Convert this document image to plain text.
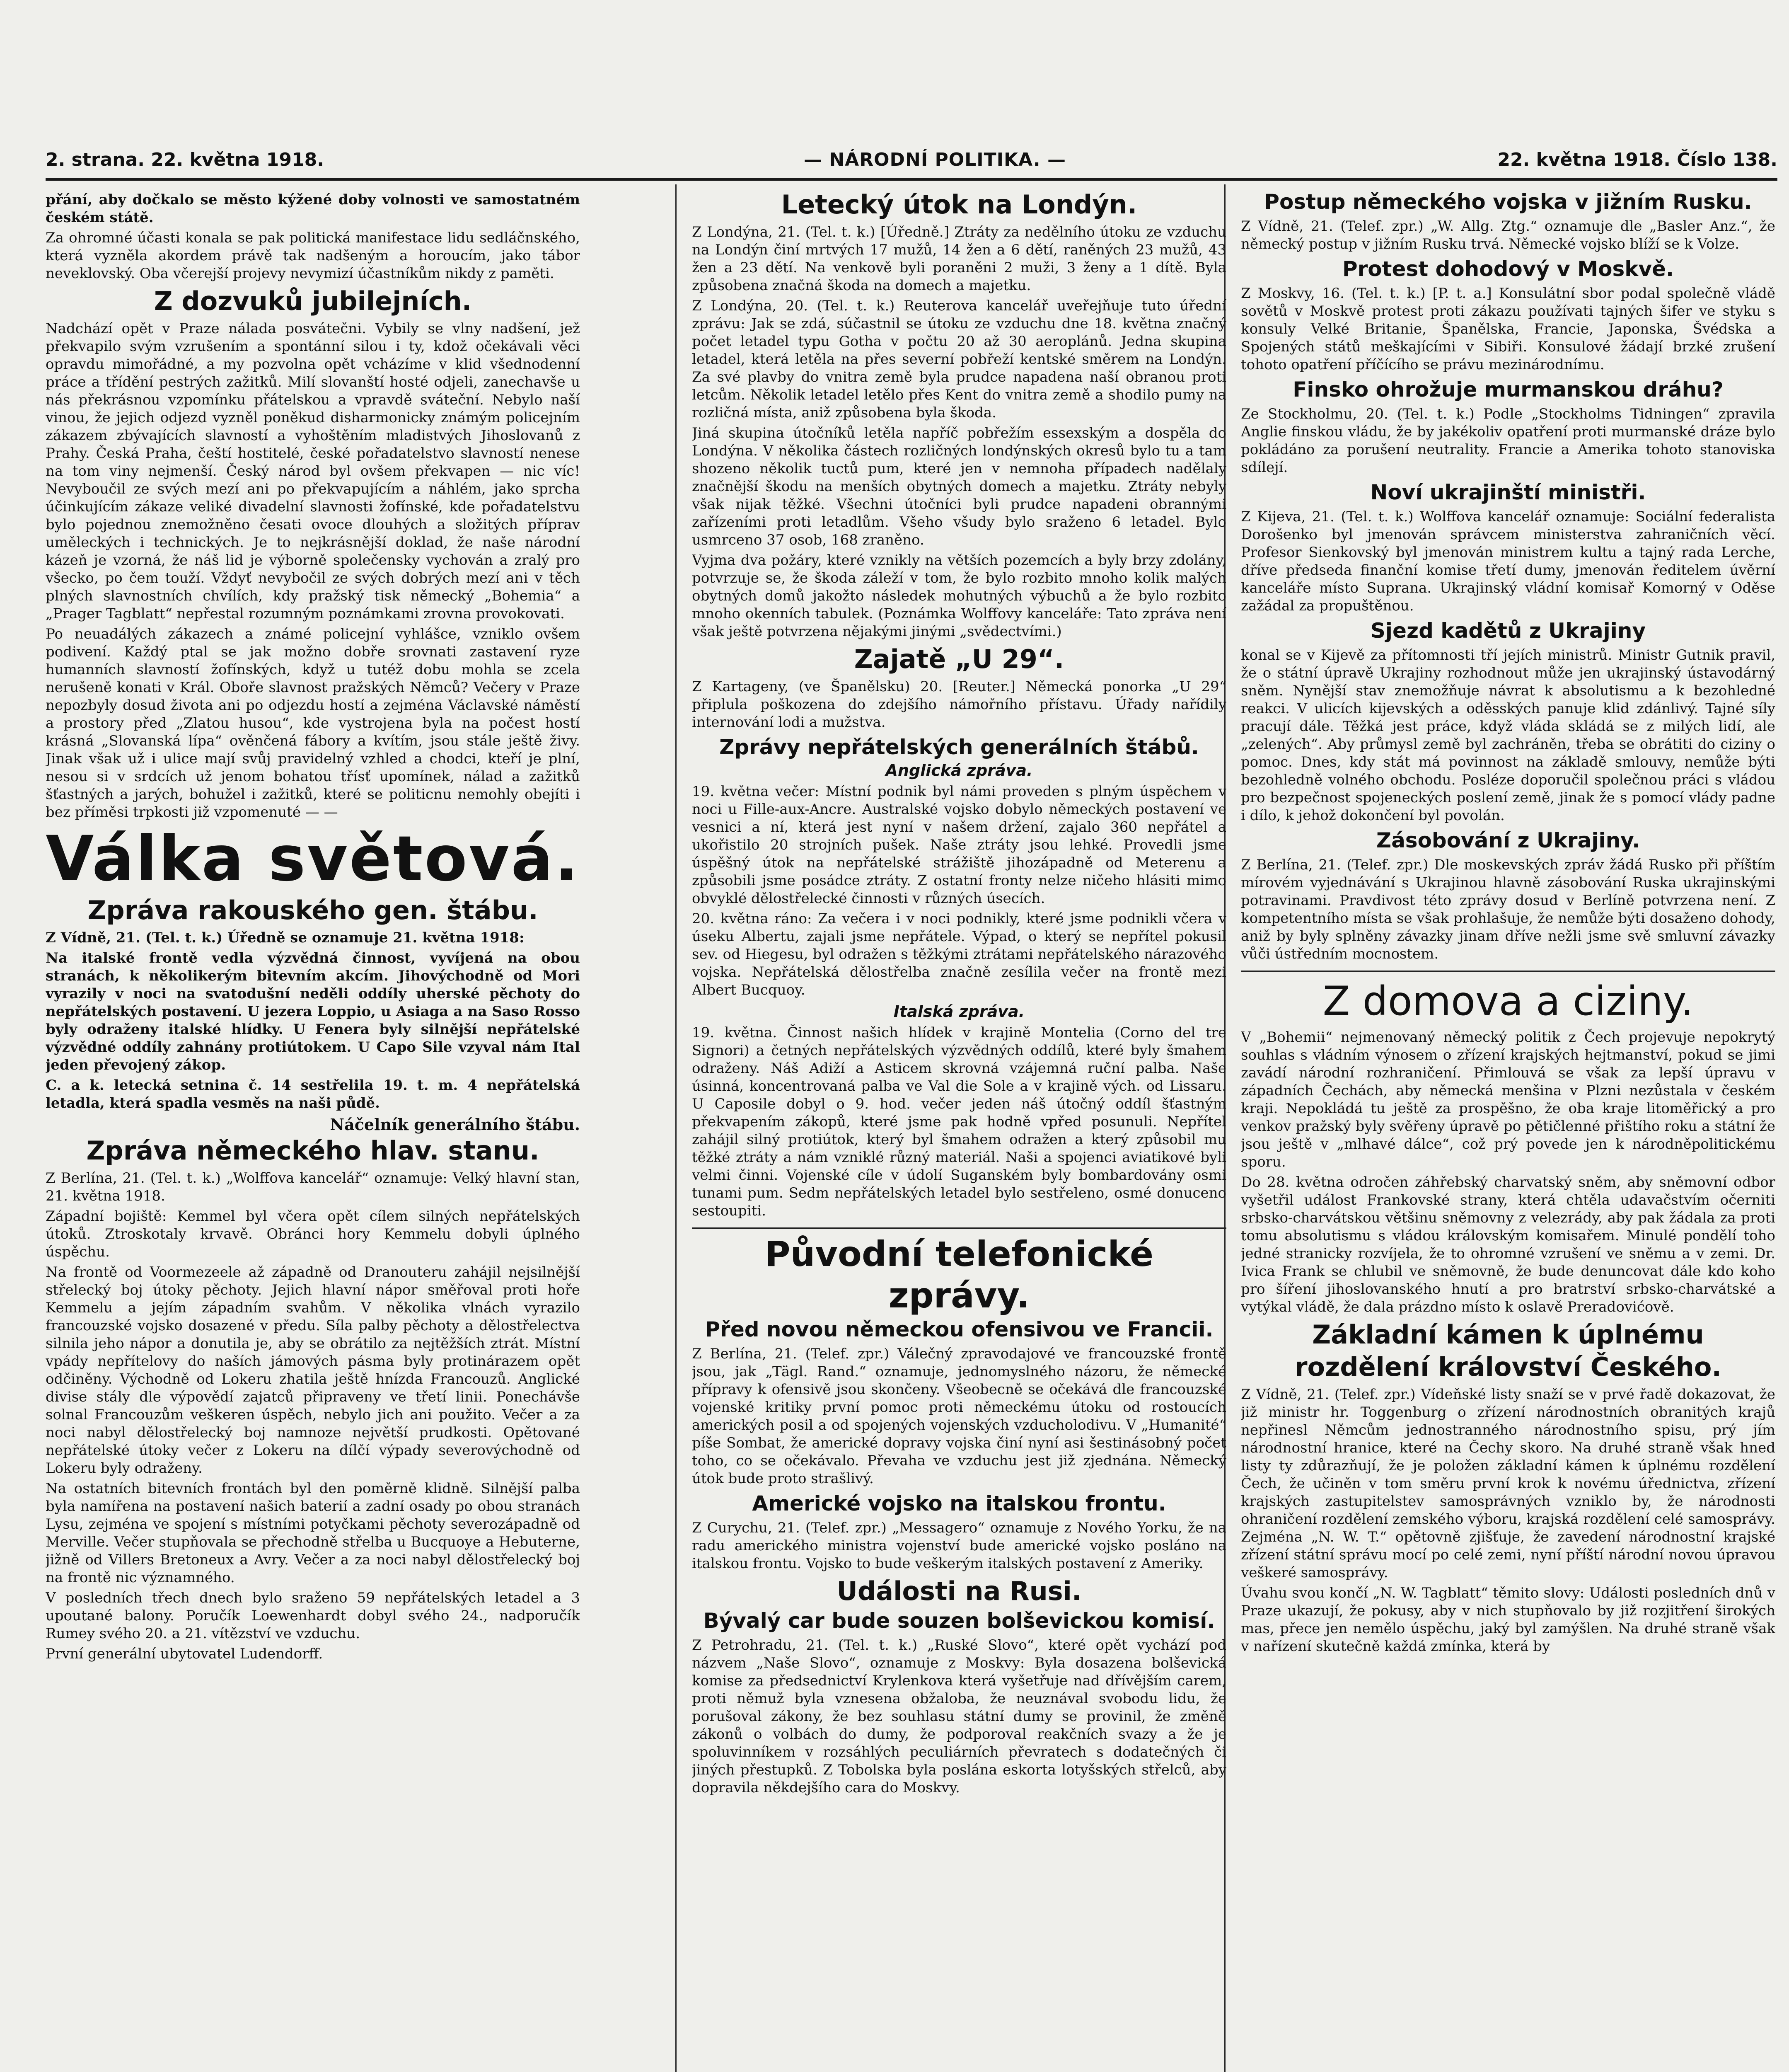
2. strana. 22. května 1918.	— NÁRODNÍ POLITIKA. —	22. května 1918. Číslo 138.

přání, aby dočkalo se město kýžené doby volnosti ve samostatném českém státě.

Za ohromné účasti konala se pak politická manifestace lidu sedláčnského, která vyzněla akordem právě tak nadšeným a horoucím, jako tábor neveklovský. Oba včerejší projevy nevymizí účastníkům nikdy z paměti.

Z dozvuků jubilejních.

Nadchází opět v Praze nálada posvátečni. Vybily se vlny nadšení, jež překvapilo svým vzrušením a spontánní silou i ty, kdož očekávali věci opravdu mimořádné, a my pozvolna opět vcházíme v klid všednodenní práce a třídění pestrých zažitků. Milí slovanští hosté odjeli, zanechavše u nás překrásnou vzpomínku přátelskou a vpravdě sváteční. Nebylo naší vinou, že jejich odjezd vyzněl poněkud disharmonicky známým policejním zákazem zbývajících slavností a vyhoštěním mladistvých Jihoslovanů z Prahy. Česká Praha, čeští hostitelé, české pořadatelstvo slavností nenese na tom viny nejmenší. Český národ byl ovšem překvapen — nic víc! Nevyboučil ze svých mezí ani po překvapujícím a náhlém, jako sprcha účinkujícím zákaze veliké divadelní slavnosti žofínské, kde pořadatelstvu bylo pojednou znemožněno česati ovoce dlouhých a složitých příprav uměleckých i technických. Je to nejkrásnější doklad, že naše národní kázeň je vzorná, že náš lid je výborně společensky vychován a zralý pro všecko, po čem touží. Vždyť nevybočil ze svých dobrých mezí ani v těch plných slavnostních chvílích, kdy pražský tisk německý „Bohemia“ a „Prager Tagblatt“ nepřestal rozumným poznámkami zrovna provokovati.

Po neuadálých zákazech a známé policejní vyhlášce, vzniklo ovšem podivení. Každý ptal se jak možno dobře srovnati zastavení ryze humanních slavností žofínských, když u tutéž dobu mohla se zcela nerušeně konati v Král. Oboře slavnost pražských Němců? Večery v Praze nepozbyly dosud života ani po odjezdu hostí a zejména Václavské náměstí a prostory před „Zlatou husou“, kde vystrojena byla na počest hostí krásná „Slovanská lípa“ ověnčená fábory a kvítím, jsou stále ještě živy. Jinak však už i ulice mají svůj pravidelný vzhled a chodci, kteří je plní, nesou si v srdcích už jenom bohatou třísť upomínek, nálad a zažitků šťastných a jarých, bohužel i zažitků, které se politicnu nemohly obejíti i bez příměsi trpkosti již vzpomenuté — —

Válka světová.
Zpráva rakouského gen. štábu.

Z Vídně, 21. (Tel. t. k.) Úředně se oznamuje 21. května 1918:

Na italské frontě vedla výzvědná činnost, vyvíjená na obou stranách, k několikerým bitevním akcím. Jihovýchodně od Mori vyrazily v noci na svatodušní neděli oddíly uherské pěchoty do nepřátelských postavení. U jezera Loppio, u Asiaga a na Saso Rosso byly odraženy italské hlídky. U Fenera byly silnější nepřátelské výzvědné oddíly zahnány protiútokem. U Capo Sile vzyval nám Ital jeden převojený zákop.

C. a k. letecká setnina č. 14 sestřelila 19. t. m. 4 nepřátelská letadla, která spadla vesměs na naši půdě.

Náčelník generálního štábu.
Zpráva německého hlav. stanu.

Z Berlína, 21. (Tel. t. k.) „Wolffova kancelář“ oznamuje: Velký hlavní stan, 21. května 1918.

Západní bojiště: Kemmel byl včera opět cílem silných nepřátelských útoků. Ztroskotaly krvavě. Obránci hory Kemmelu dobyli úplného úspěchu.

Na frontě od Voormezeele až západně od Dranouteru zahájil nejsilnější střelecký boj útoky pěchoty. Jejich hlavní nápor směřoval proti hoře Kemmelu a jejím západním svahům. V několika vlnách vyrazilo francouzské vojsko dosazené v předu. Síla palby pěchoty a dělostřelectva silnila jeho nápor a donutila je, aby se obrátilo za nejtěžších ztrát. Místní vpády nepřítelovy do naších jámových pásma byly protinárazem opět odčiněny. Východně od Lokeru zhatila ještě hnízda Francouzů. Anglické divise stály dle výpovědí zajatců připraveny ve třetí linii. Ponechávše solnal Francouzům veškeren úspěch, nebylo jich ani použito. Večer a za noci nabyl dělostřelecký boj namnoze největší prudkosti. Opětované nepřátelské útoky večer z Lokeru na dílčí výpady severovýchodně od Lokeru byly odraženy.

Na ostatních bitevních frontách byl den poměrně klidně. Silnější palba byla namířena na postavení našich baterií a zadní osady po obou stranách Lysu, zejména ve spojení s místními potyčkami pěchoty severozápadně od Merville. Večer stupňovala se přechodně střelba u Bucquoye a Hebuterne, jižně od Villers Bretoneux a Avry. Večer a za noci nabyl dělostřelecký boj na frontě nic významného.

V posledních třech dnech bylo sraženo 59 nepřátelských letadel a 3 upoutané balony. Poručík Loewenhardt dobyl svého 24., nadporučík Rumey svého 20. a 21. vítězství ve vzduchu.

První generální ubytovatel Ludendorff.

Letecký útok na Londýn.

Z Londýna, 21. (Tel. t. k.) [Úředně.] Ztráty za nedělního útoku ze vzduchu na Londýn činí mrtvých 17 mužů, 14 žen a 6 dětí, raněných 23 mužů, 43 žen a 23 dětí. Na venkově byli poraněni 2 muži, 3 ženy a 1 dítě. Byla způsobena značná škoda na domech a majetku.

Z Londýna, 20. (Tel. t. k.) Reuterova kancelář uveřejňuje tuto úřední zprávu: Jak se zdá, súčastnil se útoku ze vzduchu dne 18. května značný počet letadel typu Gotha v počtu 20 až 30 aeroplánů. Jedna skupina letadel, která letěla na přes severní pobřeží kentské směrem na Londýn. Za své plavby do vnitra země byla prudce napadena naší obranou proti letcům. Několik letadel letělo přes Kent do vnitra země a shodilo pumy na rozličná místa, aniž způsobena byla škoda.

Jiná skupina útočníků letěla napříč pobřežím essexským a dospěla do Londýna. V několika částech rozličných londýnských okresů bylo tu a tam shozeno několik tuctů pum, které jen v nemnoha případech nadělaly značnější škodu na menších obytných domech a majetku. Ztráty nebyly však nijak těžké. Všechni útočníci byli prudce napadeni obrannými zařízeními proti letadlům. Všeho všudy bylo sraženo 6 letadel. Bylo usmrceno 37 osob, 168 zraněno.

Vyjma dva požáry, které vznikly na větších pozemcích a byly brzy zdolány, potvrzuje se, že škoda záleží v tom, že bylo rozbito mnoho kolik malých obytných domů jakožto následek mohutných výbuchů a že bylo rozbito mnoho okenních tabulek. (Poznámka Wolffovy kanceláře: Tato zpráva není však ještě potvrzena nějakými jinými „svědectvími.)

Zajatě „U 29“.

Z Kartageny, (ve Španělsku) 20. [Reuter.] Německá ponorka „U 29“ připlula poškozena do zdejšího námořního přístavu. Úřady nařídily internování lodi a mužstva.

Zprávy nepřátelských generálních štábů.
Anglická zpráva.

19. května večer: Místní podnik byl námi proveden s plným úspěchem v noci u Fille-aux-Ancre. Australské vojsko dobylo německých postavení ve vesnici a ní, která jest nyní v našem držení, zajalo 360 nepřátel a ukořistilo 20 strojních pušek. Naše ztráty jsou lehké. Provedli jsme úspěšný útok na nepřátelské strážiště jihozápadně od Meterenu a způsobili jsme posádce ztráty. Z ostatní fronty nelze ničeho hlásiti mimo obvyklé dělostřelecké činnosti v různých úsecích.

20. května ráno: Za večera i v noci podnikly, které jsme podnikli včera v úseku Albertu, zajali jsme nepřátele. Výpad, o který se nepřítel pokusil sev. od Hiegesu, byl odražen s těžkými ztrátami nepřátelského nárazového vojska. Nepřátelská dělostřelba značně zesílila večer na frontě mezi Albert Bucquoy.

Italská zpráva.

19. května. Činnost našich hlídek v krajině Montelia (Corno del tre Signori) a četných nepřátelských výzvědných oddílů, které byly šmahem odraženy. Náš Adiží a Asticem skrovná vzájemná ruční palba. Naše úsinná, koncentrovaná palba ve Val die Sole a v krajině vých. od Lissaru. U Caposile dobyl o 9. hod. večer jeden náš útočný oddíl šťastným překvapením zákopů, které jsme pak hodně vpřed posunuli. Nepřítel zahájil silný protiútok, který byl šmahem odražen a který způsobil mu těžké ztráty a nám vzniklé různý materiál. Naši a spojenci aviatikové byli velmi činni. Vojenské cíle v údolí Suganském byly bombardovány osmi tunami pum. Sedm nepřátelských letadel bylo sestřeleno, osmé donuceno sestoupiti.

Původní telefonické zprávy.
Před novou německou ofensivou ve Francii.

Z Berlína, 21. (Telef. zpr.) Válečný zpravodajové ve francouzské frontě jsou, jak „Tägl. Rand.“ oznamuje, jednomyslného názoru, že německé přípravy k ofensivě jsou skončeny. Všeobecně se očekává dle francouzské vojenské kritiky první pomoc proti německému útoku od rostoucích amerických posil a od spojených vojenských vzducholodivu. V „Humanité“ píše Sombat, že americké dopravy vojska činí nyní asi šestinásobný počet toho, co se očekávalo. Převaha ve vzduchu jest již zjednána. Německý útok bude proto strašlivý.

Americké vojsko na italskou frontu.

Z Curychu, 21. (Telef. zpr.) „Messagero“ oznamuje z Nového Yorku, že na radu amerického ministra vojenství bude americké vojsko posláno na italskou frontu. Vojsko to bude veškerým italských postavení z Ameriky.

Události na Rusi.
Bývalý car bude souzen bolševickou komisí.

Z Petrohradu, 21. (Tel. t. k.) „Ruské Slovo“, které opět vychází pod názvem „Naše Slovo“, oznamuje z Moskvy: Byla dosazena bolševická komise za předsednictví Krylenkova která vyšetřuje nad dřívějším carem, proti němuž byla vznesena obžaloba, že neuznával svobodu lidu, že porušoval zákony, že bez souhlasu státní dumy se provinil, že změně zákonů o volbách do dumy, že podporoval reakčních svazy a že je spoluvinníkem v rozsáhlých peculiárních převratech s dodatečných či jiných přestupků. Z Tobolska byla poslána eskorta lotyšských střelců, aby dopravila někdejšího cara do Moskvy.

Postup německého vojska v jižním Rusku.

Z Vídně, 21. (Telef. zpr.) „W. Allg. Ztg.“ oznamuje dle „Basler Anz.“, že německý postup v jižním Rusku trvá. Německé vojsko blíží se k Volze.

Protest dohodový v Moskvě.

Z Moskvy, 16. (Tel. t. k.) [P. t. a.] Konsulátní sbor podal společně vládě sovětů v Moskvě protest proti zákazu používati tajných šifer ve styku s konsuly Velké Britanie, Španělska, Francie, Japonska, Švédska a Spojených států meškajícími v Sibiři. Konsulové žádají brzké zrušení tohoto opatření příčícího se právu mezinárodnímu.

Finsko ohrožuje murmanskou dráhu?

Ze Stockholmu, 20. (Tel. t. k.) Podle „Stockholms Tidningen“ zpravila Anglie finskou vládu, že by jakékoliv opatření proti murmanské dráze bylo pokládáno za porušení neutrality. Francie a Amerika tohoto stanoviska sdílejí.

Noví ukrajinští ministři.

Z Kijeva, 21. (Tel. t. k.) Wolffova kancelář oznamuje: Sociální federalista Dorošenko byl jmenován správcem ministerstva zahraničních věcí. Profesor Sienkovský byl jmenován ministrem kultu a tajný rada Lerche, dříve předseda finanční komise třetí dumy, jmenován ředitelem úvěrní kanceláře místo Suprana. Ukrajinský vládní komisař Komorný v Oděse zažádal za propuštěnou.

Sjezd kadětů z Ukrajiny

konal se v Kijevě za přítomnosti tří jejích ministrů. Ministr Gutnik pravil, že o státní úpravě Ukrajiny rozhodnout může jen ukrajinský ústavodárný sněm. Nynější stav znemožňuje návrat k absolutismu a k bezohledné reakci. V ulicích kijevských a oděsských panuje klid zdánlivý. Tajné síly pracují dále. Těžká jest práce, když vláda skládá se z milých lidí, ale „zelených“. Aby průmysl země byl zachráněn, třeba se obrátiti do ciziny o pomoc. Dnes, kdy stát má povinnost na základě smlouvy, nemůže býti bezohledně volného obchodu. Posléze doporučil společnou práci s vládou pro bezpečnost spojeneckých poslení země, jinak že s pomocí vlády padne i dílo, k jehož dokončení byl povolán.

Zásobování z Ukrajiny.

Z Berlína, 21. (Telef. zpr.) Dle moskevských zpráv žádá Rusko při příštím mírovém vyjednávání s Ukrajinou hlavně zásobování Ruska ukrajinskými potravinami. Pravdivost této zprávy dosud v Berlíně potvrzena není. Z kompetentního místa se však prohlašuje, že nemůže býti dosaženo dohody, aniž by byly splněny závazky jinam dříve nežli jsme svě smluvní závazky vůči ústředním mocnostem.

Z domova a ciziny.

V „Bohemii“ nejmenovaný německý politik z Čech projevuje nepokrytý souhlas s vládním výnosem o zřízení krajských hejtmanství, pokud se jimi zavádí národní rozhraničení. Přimlouvá se však za lepší úpravu v západních Čechách, aby německá menšina v Plzni nezůstala v českém kraji. Nepokládá tu ještě za prospěšno, že oba kraje litoměřický a pro venkov pražský byly svěřeny úpravě po pětičlenné přištího roku a státní že jsou ještě v „mlhavé dálce“, což prý povede jen k národněpolitickému sporu.

Do 28. května odročen záhřebský charvatský sněm, aby sněmovní odbor vyšetřil událost Frankovské strany, která chtěla udavačstvím očerniti srbsko-charvátskou většinu sněmovny z velezrády, aby pak žádala za proti tomu absolutismu s vládou královským komisařem. Minulé pondělí toho jedné stranicky rozvíjela, že to ohromné vzrušení ve sněmu a v zemi. Dr. Ivica Frank se chlubil ve sněmovně, že bude denuncovat dále kdo koho pro šíření jihoslovanského hnutí a pro bratrství srbsko-charvátské a vytýkal vládě, že dala prázdno místo k oslavě Preradovićově.

Základní kámen k úplnému rozdělení království Českého.

Z Vídně, 21. (Telef. zpr.) Vídeňské listy snaží se v prvé řadě dokazovat, že již ministr hr. Toggenburg o zřízení národnostních obranitých krajů nepřinesl Němcům jednostranného národnostního spisu, prý jím národnostní hranice, které na Čechy skoro. Na druhé straně však hned listy ty zdůrazňují, že je položen základní kámen k úplnému rozdělení Čech, že učiněn v tom směru první krok k novému úřednictva, zřízení krajských zastupitelstev samosprávných vzniklo by, že národnosti ohraničení rozdělení zemského výboru, krajská rozdělení celé samosprávy. Zejména „N. W. T.“ opětovně zjišťuje, že zavedení národnostní krajské zřízení státní správu mocí po celé zemi, nyní příští národní novou úpravou veškeré samosprávy.

Úvahu svou končí „N. W. Tagblatt“ těmito slovy: Události posledních dnů v Praze ukazují, že pokusy, aby v nich stupňovalo by již rozjitření širokých mas, přece jen nemělo úspěchu, jaký byl zamýšlen. Na druhé straně však v nařízení skutečně každá zmínka, která by
